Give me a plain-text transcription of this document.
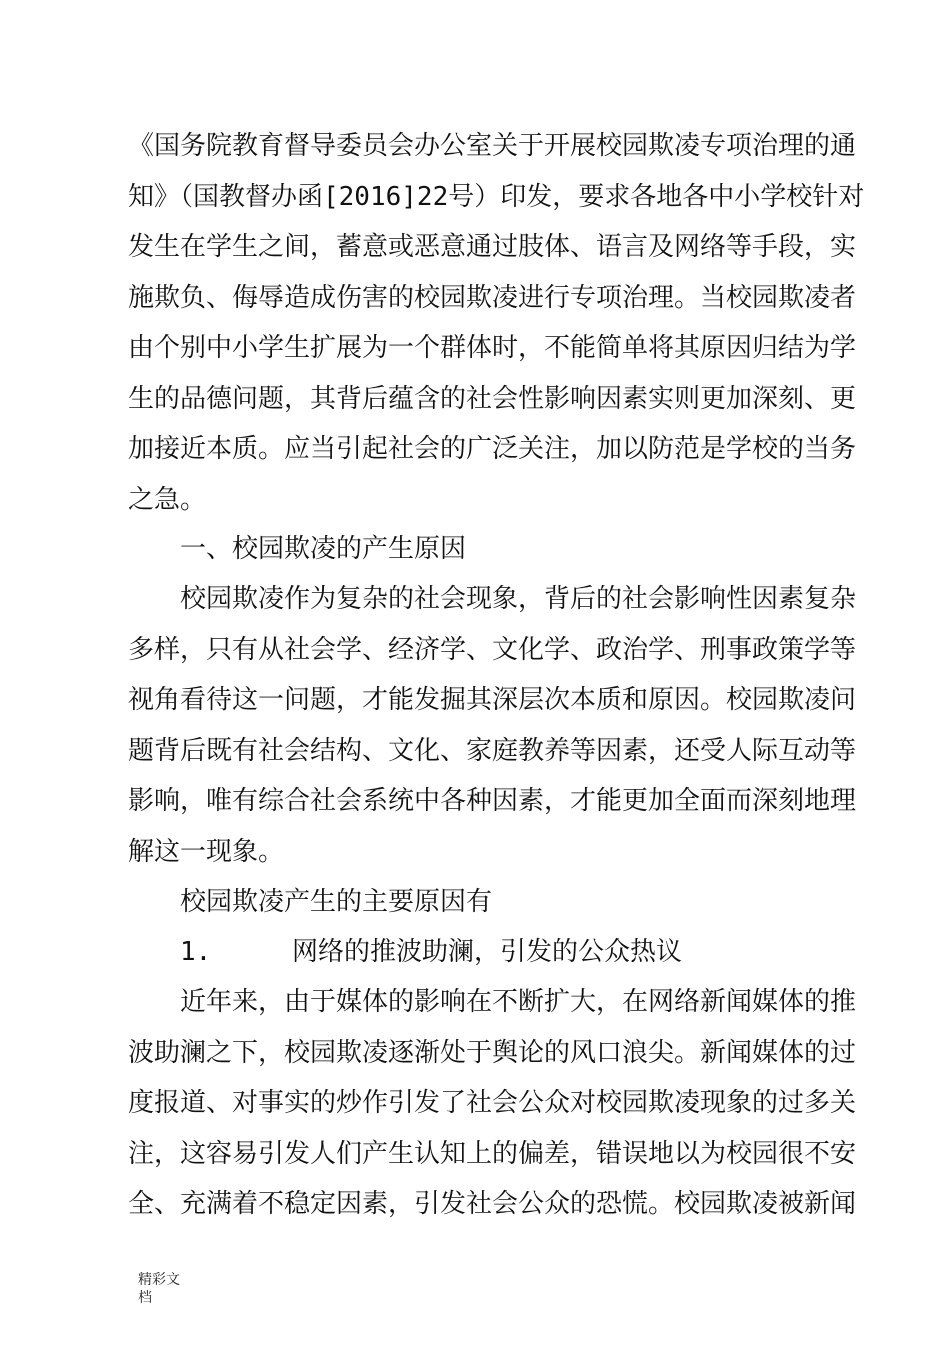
《国务院教育督导委员会办公室关于开展校园欺凌专项治理的通
知》（国教督办函[2016]22号）印发，要求各地各中小学校针对
发生在学生之间，蓄意或恶意通过肢体、语言及网络等手段，实
施欺负、侮辱造成伤害的校园欺凌进行专项治理。当校园欺凌者
由个别中小学生扩展为一个群体时，不能简单将其原因归结为学
生的品德问题，其背后蕴含的社会性影响因素实则更加深刻、更
加接近本质。应当引起社会的广泛关注，加以防范是学校的当务
之急。
一、校园欺凌的产生原因
校园欺凌作为复杂的社会现象，背后的社会影响性因素复杂
多样，只有从社会学、经济学、文化学、政治学、刑事政策学等
视角看待这一问题，才能发掘其深层次本质和原因。校园欺凌问
题背后既有社会结构、文化、家庭教养等因素，还受人际互动等
影响，唯有综合社会系统中各种因素，才能更加全面而深刻地理
解这一现象。
校园欺凌产生的主要原因有
1.	网络的推波助澜，引发的公众热议
近年来，由于媒体的影响在不断扩大，在网络新闻媒体的推
波助澜之下，校园欺凌逐渐处于舆论的风口浪尖。新闻媒体的过
度报道、对事实的炒作引发了社会公众对校园欺凌现象的过多关
注，这容易引发人们产生认知上的偏差，错误地以为校园很不安
全、充满着不稳定因素，引发社会公众的恐慌。校园欺凌被新闻
精彩文
档
